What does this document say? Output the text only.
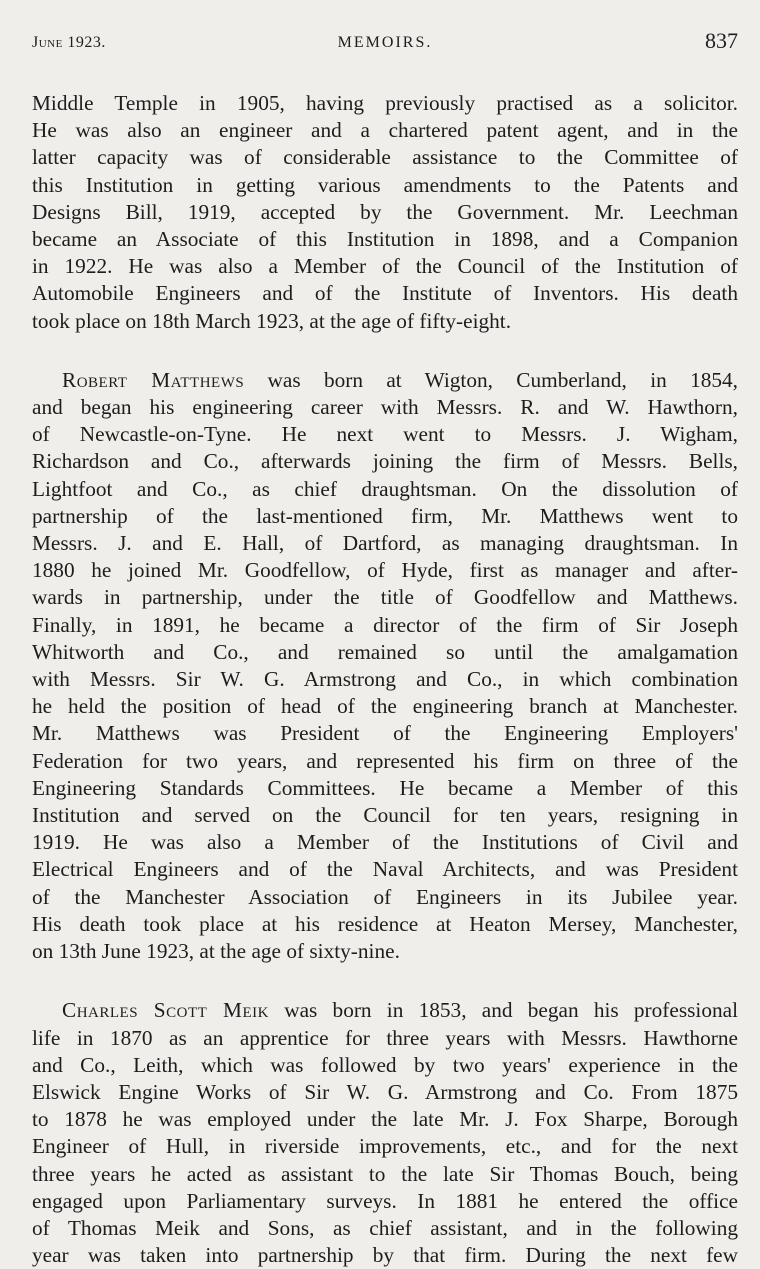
June 1923.	MEMOIRS.	837
Middle Temple in 1905, having previously practised as a solicitor.
He was also an engineer and a chartered patent agent, and in the
latter capacity was of considerable assistance to the Committee of
this Institution in getting various amendments to the Patents and
Designs Bill, 1919, accepted by the Government. Mr. Leechman
became an Associate of this Institution in 1898, and a Companion
in 1922. He was also a Member of the Council of the Institution of
Automobile Engineers and of the Institute of Inventors. His death
took place on 18th March 1923, at the age of fifty-eight.
Robert Matthews was born at Wigton, Cumberland, in 1854,
and began his engineering career with Messrs. R. and W. Hawthorn,
of Newcastle-on-Tyne. He next went to Messrs. J. Wigham,
Richardson and Co., afterwards joining the firm of Messrs. Bells,
Lightfoot and Co., as chief draughtsman. On the dissolution of
partnership of the last-mentioned firm, Mr. Matthews went to
Messrs. J. and E. Hall, of Dartford, as managing draughtsman. In
1880 he joined Mr. Goodfellow, of Hyde, first as manager and after-
wards in partnership, under the title of Goodfellow and Matthews.
Finally, in 1891, he became a director of the firm of Sir Joseph
Whitworth and Co., and remained so until the amalgamation
with Messrs. Sir W. G. Armstrong and Co., in which combination
he held the position of head of the engineering branch at Manchester.
Mr. Matthews was President of the Engineering Employers'
Federation for two years, and represented his firm on three of the
Engineering Standards Committees. He became a Member of this
Institution and served on the Council for ten years, resigning in
1919. He was also a Member of the Institutions of Civil and
Electrical Engineers and of the Naval Architects, and was President
of the Manchester Association of Engineers in its Jubilee year.
His death took place at his residence at Heaton Mersey, Manchester,
on 13th June 1923, at the age of sixty-nine.
Charles Scott Meik was born in 1853, and began his professional
life in 1870 as an apprentice for three years with Messrs. Hawthorne
and Co., Leith, which was followed by two years' experience in the
Elswick Engine Works of Sir W. G. Armstrong and Co. From 1875
to 1878 he was employed under the late Mr. J. Fox Sharpe, Borough
Engineer of Hull, in riverside improvements, etc., and for the next
three years he acted as assistant to the late Sir Thomas Bouch, being
engaged upon Parliamentary surveys. In 1881 he entered the office
of Thomas Meik and Sons, as chief assistant, and in the following
year was taken into partnership by that firm. During the next few
